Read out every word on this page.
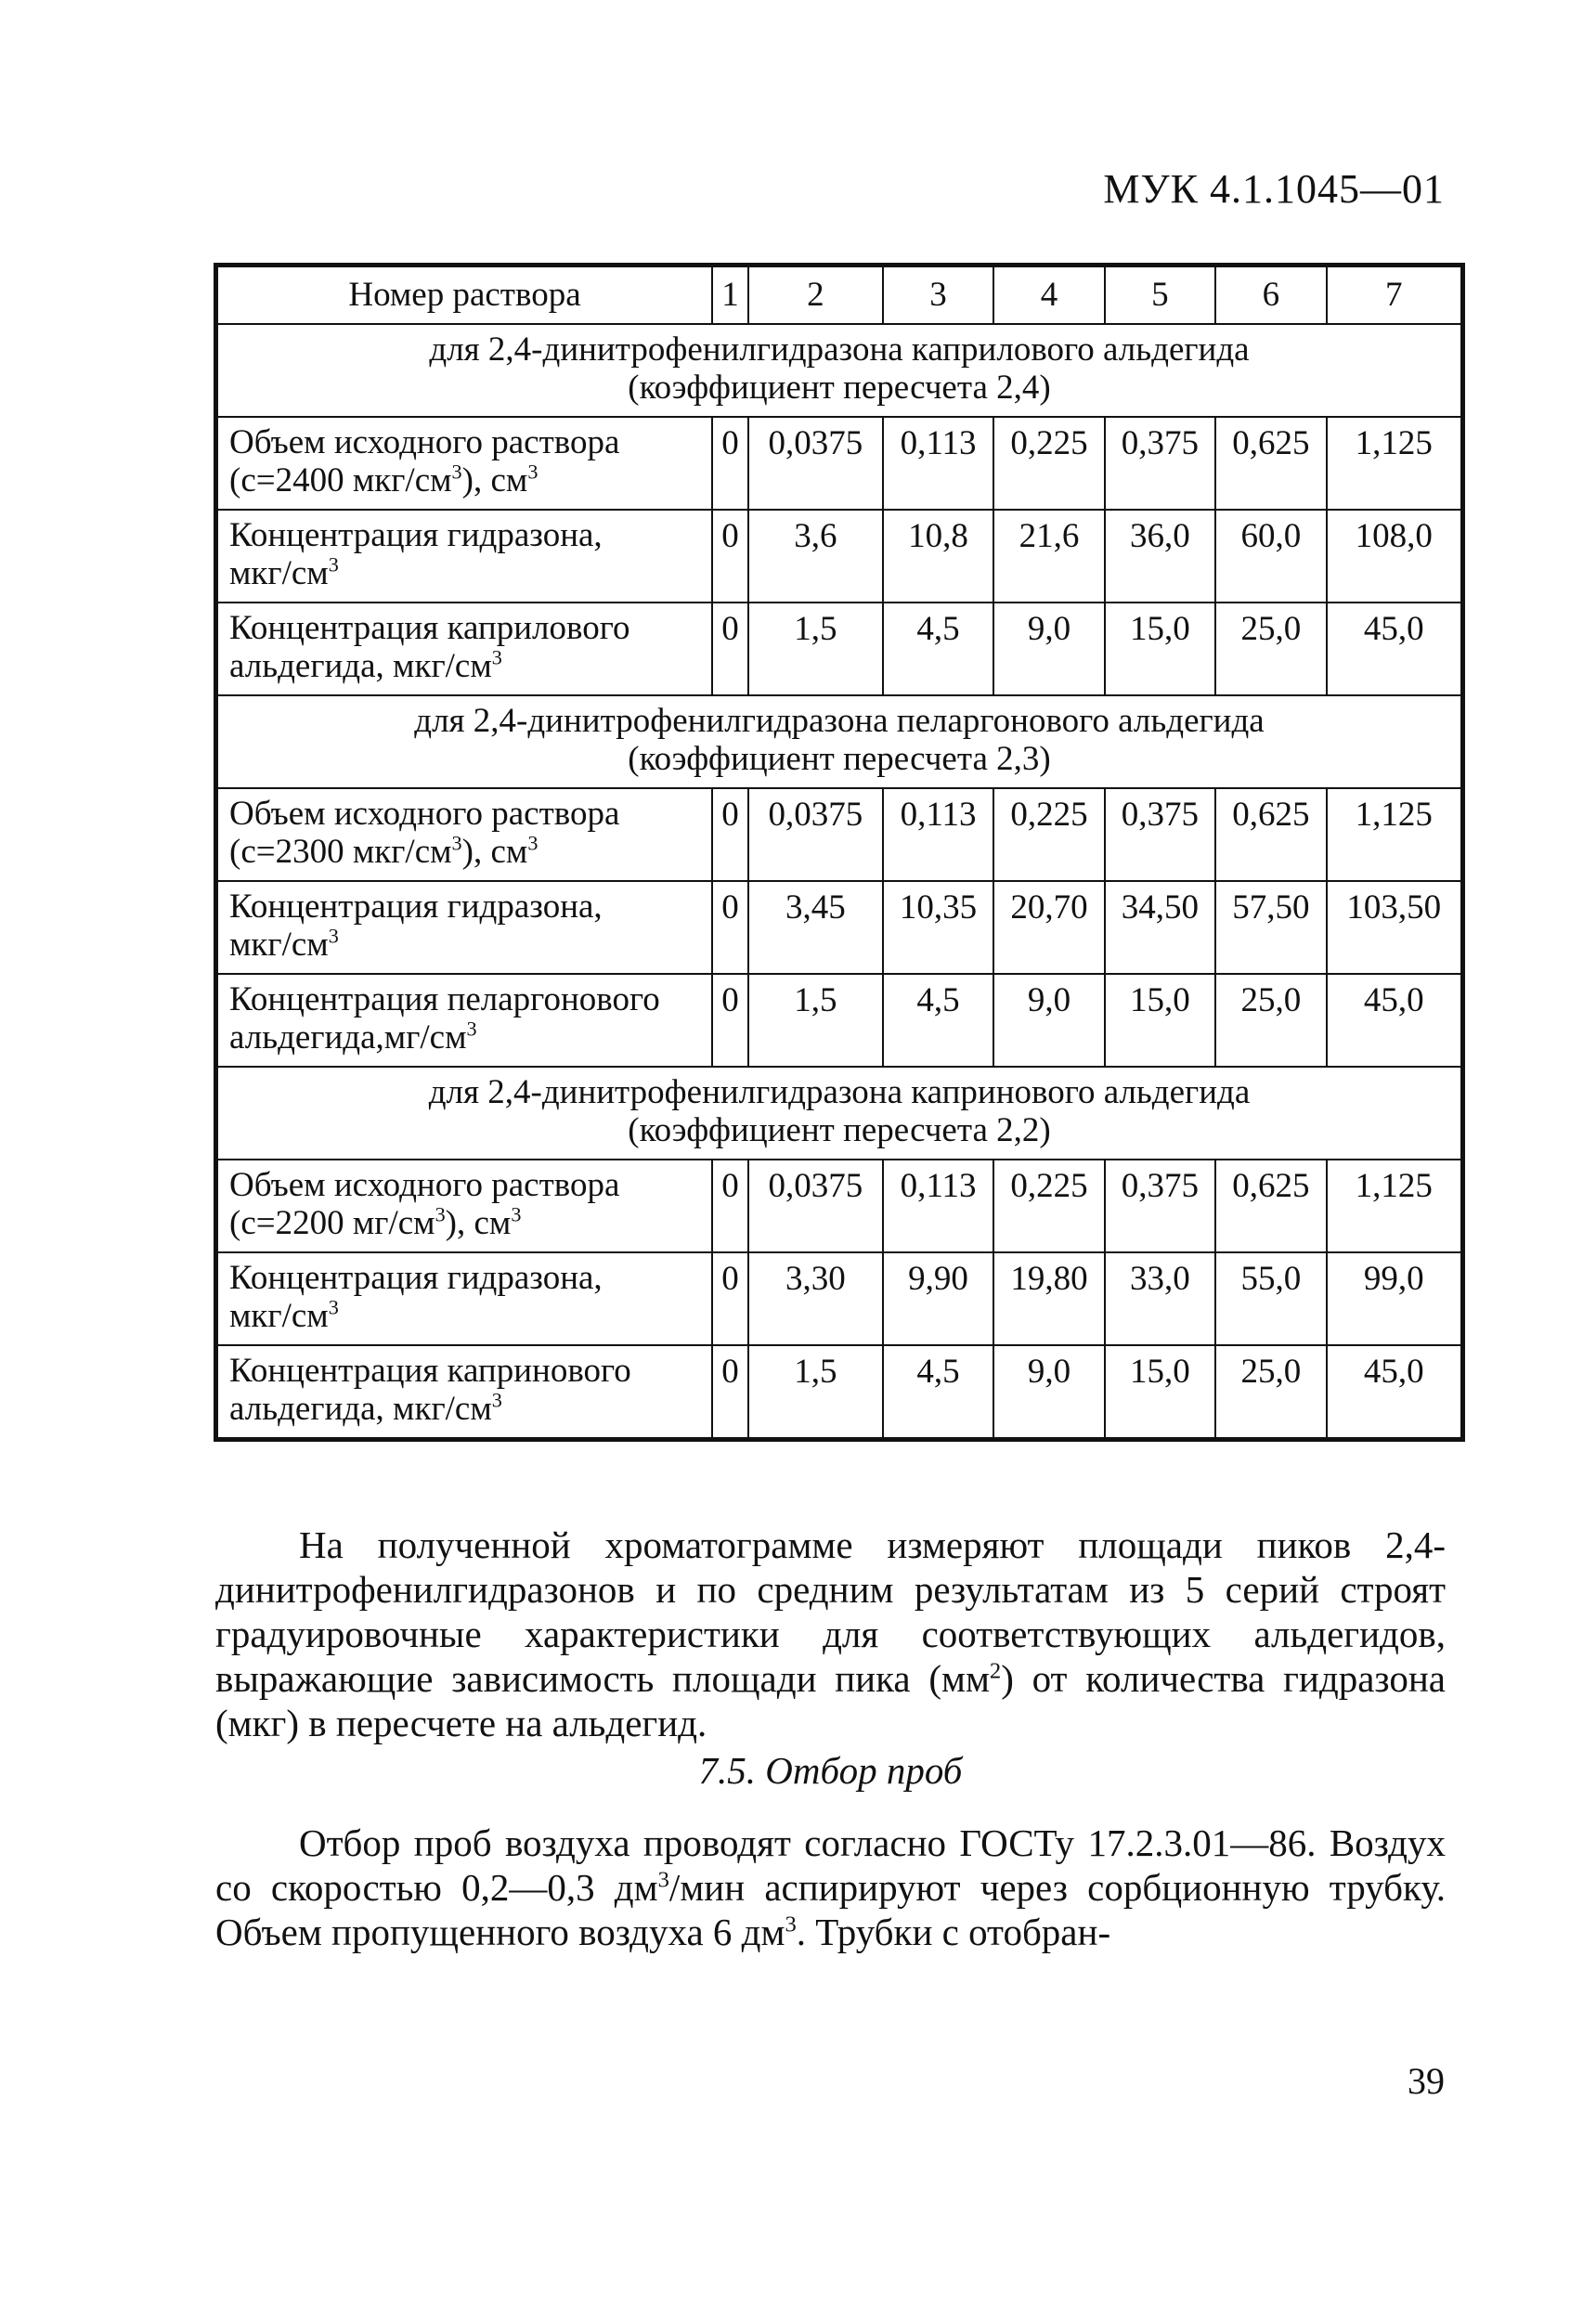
МУК 4.1.1045—01
Номер раствора	1	2	3	4	5	6	7

для 2,4-динитрофенилгидразона каприлового альдегида
(коэффициент пересчета 2,4)							

Объем исходного раствора
(с=2400 мкг/$см^3$), $см^3$	0	0,0375	0,113	0,225	0,375	0,625	1,125

Концентрация гидразона,
мкг/$см^3$	0	3,6	10,8	21,6	36,0	60,0	108,0

Концентрация каприлового
альдегида, мкг/$см^3$	0	1,5	4,5	9,0	15,0	25,0	45,0

для 2,4-динитрофенилгидразона пеларгонового альдегида
(коэффициент пересчета 2,3)							

Объем исходного раствора
(с=2300 мкг/$см^3$), $см^3$	0	0,0375	0,113	0,225	0,375	0,625	1,125

Концентрация гидразона,
мкг/$см^3$	0	3,45	10,35	20,70	34,50	57,50	103,50

Концентрация пеларгонового
$альдегида,мг/см^3$	0	1,5	4,5	9,0	15,0	25,0	45,0

для 2,4-динитрофенилгидразона капринового альдегида
(коэффициент пересчета 2,2)							

Объем исходного раствора
(с=2200 $мг/см^3$), $см^3$	0	0,0375	0,113	0,225	0,375	0,625	1,125

Концентрация гидразона,
мкг/$см^3$	0	3,30	9,90	19,80	33,0	55,0	99,0

Концентрация капринового
альдегида, мкг/$см^3$	0	1,5	4,5	9,0	15,0	25,0	45,0
На полученной хроматограмме измеряют площади пиков 2,4-динитрофенилгидразонов и по средним результатам из 5 серий строят градуировочные характеристики для соответствующих альдегидов, выражающие зависимость площади пика $(мм^2)$ от количества гидразона (мкг) в пересчете на альдегид.
7.5. Отбор проб
Отбор проб воздуха проводят согласно ГОСТу 17.2.3.01—86. Воздух со скоростью 0,2—0,3 $дм^3$/мин аспирируют через сорбционную трубку. Объем пропущенного воздуха 6 $дм^3$. Трубки с отобран-
39
